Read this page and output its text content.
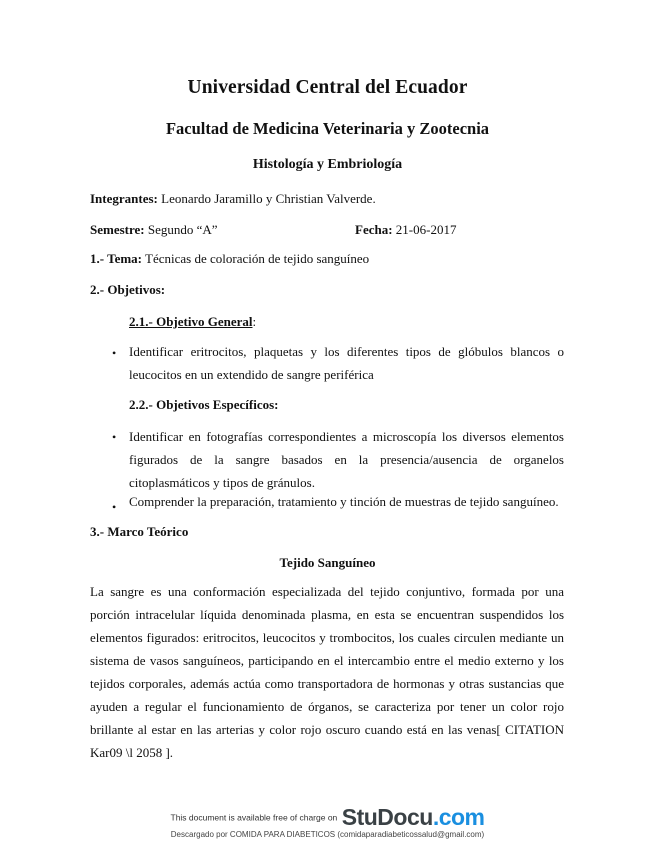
Universidad Central del Ecuador
Facultad de Medicina Veterinaria y Zootecnia
Histología y Embriología
Integrantes: Leonardo Jaramillo y Christian Valverde.
Semestre: Segundo “A”	Fecha: 21-06-2017
1.- Tema: Técnicas de coloración de tejido sanguíneo
2.- Objetivos:
2.1.- Objetivo General:
• Identificar eritrocitos, plaquetas y los diferentes tipos de glóbulos blancos o
leucocitos en un extendido de sangre periférica
2.2.- Objetivos Específicos:
• Identificar en fotografías correspondientes a microscopía los diversos elementos
figurados de la sangre basados en la presencia/ausencia de organelos
citoplasmáticos y tipos de gránulos.
• Comprender la preparación, tratamiento y tinción de muestras de tejido sanguíneo.
3.- Marco Teórico
Tejido Sanguíneo
La sangre es una conformación especializada del tejido conjuntivo, formada por una
porción intracelular líquida denominada plasma, en esta se encuentran suspendidos los
elementos figurados: eritrocitos, leucocitos y trombocitos, los cuales circulen mediante un
sistema de vasos sanguíneos, participando en el intercambio entre el medio externo y los
tejidos corporales, además actúa como transportadora de hormonas y otras sustancias que
ayuden a regular el funcionamiento de órganos, se caracteriza por tener un color rojo
brillante al estar en las arterias y color rojo oscuro cuando está en las venas[ CITATION
Kar09 \l 2058 ].
This document is available free of charge on StuDocu.com
Descargado por COMIDA PARA DIABETICOS (comidaparadiabeticossalud@gmail.com)
